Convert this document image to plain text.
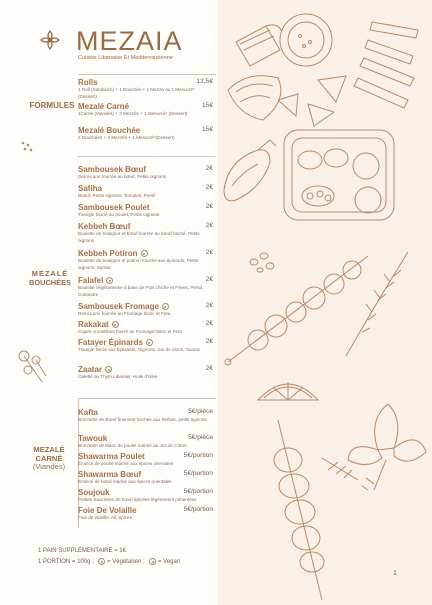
MEZAIA
Cuisine Libanaise Et Mediterranéenne
FORMULES
Rolls	12,5€
1 Roll (Sandwich) + 1 Bouchée + 1 Mezza ou 1 Mesucré*(Dessert)
Mezalé Carné	15€
1Carné (Viandes) + 3 Mezzés + 1 Mesucré* (Dessert)
Mezalé Bouchée	15€
2 Bouchées + 3 Mezzés + 1 Mesucré*(Dessert)
MEZALÉ
BOUCHÉES
Sambousek Bœuf	2€
Demi-Lune fourrée au bœuf, Petits oignons
Safiha	2€
Boeuf, Petits oignons, Tomates, Persil
Sambousek Poulet	2€
Triangle fourré au poulet, Petits oignons
Kebbeh Bœuf	2€
Boulette de boulgour et bœuf fourrée au bœuf haché, Petits oignons
Kebbeh Potiron	2€
Boulette de boulgour et potiron fourrée aux épinards, Petits oignons, Sumac
Falafel	2€
Boulette végétarienne à base de Pois chiche et Fèves, Persil, Coriandre
Sambousek Fromage	2€
Demi-Lune fourrée au Fromage blanc et Feta
Rakakat	2€
Cigare croustillant fourré au Fromage blanc et Feta
Fatayer Épinards	2€
Triangle farcie aux Épinards, Oignons, Jus de citron, Sumac
Zaatar	2€
Galette au Thym Libanais, Huile d'olive
MEZALÉ
CARNÉ
(Viandes)
Kafta	5€/pièce
Brochette de Bœuf finement hachée aux herbes, petits oignons
Tawouk	5€/pièce
Brochette de blanc de poulet mariné au Jus de Citron
Shawarma Poulet	5€/portion
Émincé de poulet mariné aux épices orientales
Shawarma Bœuf	5€/portion
Émincé de bœuf mariné aux épices orientales
Soujouk	5€/portion
Petites Saucisses de bœuf épicées légèrement pimentées
Foie De Volaille	5€/portion
Foie de volaille, Ail, épices
1 PAIN SUPPLÉMENTAIRE = 1€
1 PORTION = 100g ; = Végétarien ; = Vegan
1
